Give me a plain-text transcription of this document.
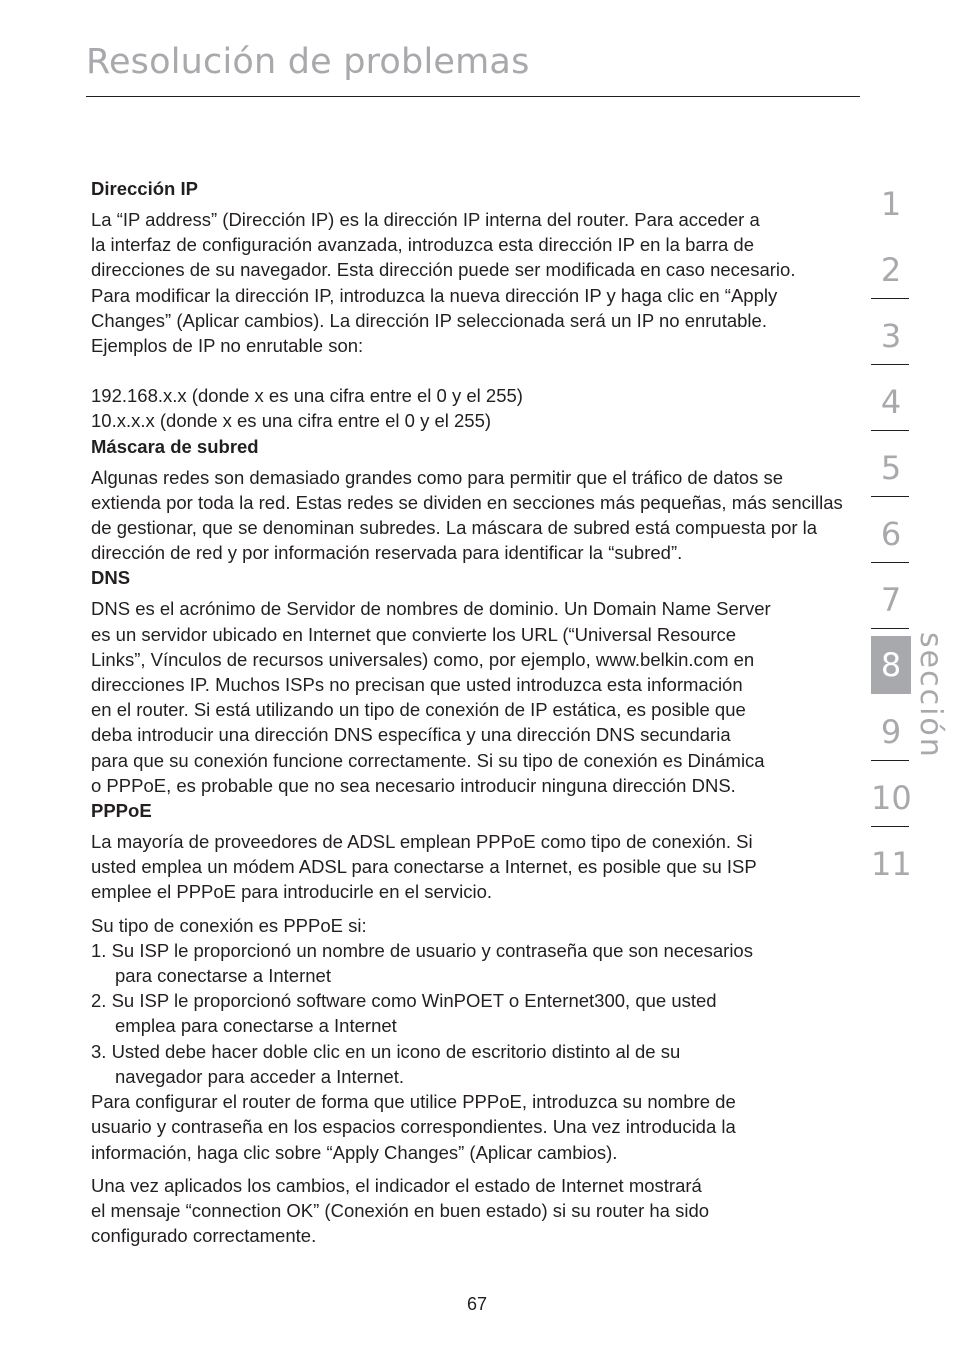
Resolución de problemas
Dirección IP
La “IP address” (Dirección IP) es la dirección IP interna del router. Para acceder a
la interfaz de configuración avanzada, introduzca esta dirección IP en la barra de
direcciones de su navegador. Esta dirección puede ser modificada en caso necesario.
Para modificar la dirección IP, introduzca la nueva dirección IP y haga clic en “Apply
Changes” (Aplicar cambios). La dirección IP seleccionada será un IP no enrutable.
Ejemplos de IP no enrutable son:
192.168.x.x (donde x es una cifra entre el 0 y el 255)
10.x.x.x (donde x es una cifra entre el 0 y el 255)
Máscara de subred
Algunas redes son demasiado grandes como para permitir que el tráfico de datos se
extienda por toda la red. Estas redes se dividen en secciones más pequeñas, más sencillas
de gestionar, que se denominan subredes. La máscara de subred está compuesta por la
dirección de red y por información reservada para identificar la “subred”.
DNS
DNS es el acrónimo de Servidor de nombres de dominio. Un Domain Name Server
es un servidor ubicado en Internet que convierte los URL (“Universal Resource
Links”, Vínculos de recursos universales) como, por ejemplo, www.belkin.com en
direcciones IP. Muchos ISPs no precisan que usted introduzca esta información
en el router. Si está utilizando un tipo de conexión de IP estática, es posible que
deba introducir una dirección DNS específica y una dirección DNS secundaria
para que su conexión funcione correctamente. Si su tipo de conexión es Dinámica
o PPPoE, es probable que no sea necesario introducir ninguna dirección DNS.
PPPoE
La mayoría de proveedores de ADSL emplean PPPoE como tipo de conexión. Si
usted emplea un módem ADSL para conectarse a Internet, es posible que su ISP
emplee el PPPoE para introducirle en el servicio.
Su tipo de conexión es PPPoE si:
1. Su ISP le proporcionó un nombre de usuario y contraseña que son necesarios
para conectarse a Internet
2. Su ISP le proporcionó software como WinPOET o Enternet300, que usted
emplea para conectarse a Internet
3. Usted debe hacer doble clic en un icono de escritorio distinto al de su
navegador para acceder a Internet.
Para configurar el router de forma que utilice PPPoE, introduzca su nombre de
usuario y contraseña en los espacios correspondientes. Una vez introducida la
información, haga clic sobre “Apply Changes” (Aplicar cambios).
Una vez aplicados los cambios, el indicador el estado de Internet mostrará
el mensaje “connection OK” (Conexión en buen estado) si su router ha sido
configurado correctamente.
1
2
3
4
5
6
7
8
9
10
11
sección
67
